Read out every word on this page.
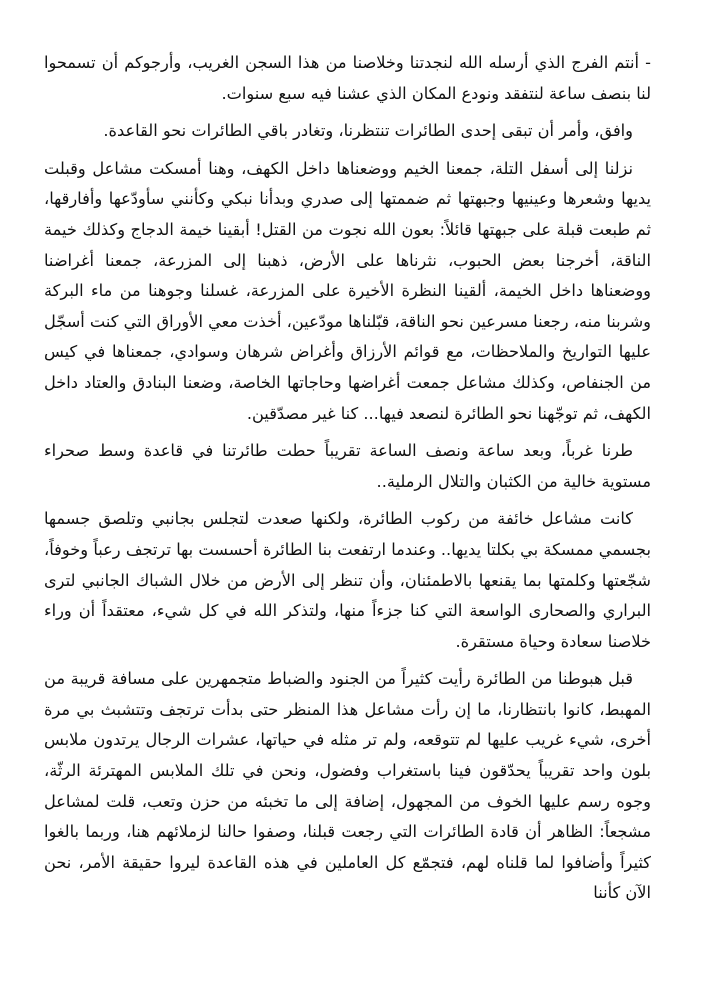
- أنتم الفرج الذي أرسله الله لنجدتنا وخلاصنا من هذا السجن الغريب، وأرجوكم أن تسمحوا لنا بنصف ساعة لنتفقد ونودع المكان الذي عشنا فيه سبع سنوات.

وافق، وأمر أن تبقى إحدى الطائرات تنتظرنا، وتغادر باقي الطائرات نحو القاعدة.

نزلنا إلى أسفل التلة، جمعنا الخيم ووضعناها داخل الكهف، وهنا أمسكت مشاعل وقبلت يديها وشعرها وعينيها وجبهتها ثم ضممتها إلى صدري وبدأنا نبكي وكأنني سأودّعها وأفارقها، ثم طبعت قبلة على جبهتها قائلاً: بعون الله نجوت من القتل! أبقينا خيمة الدجاج وكذلك خيمة الناقة، أخرجنا بعض الحبوب، نثرناها على الأرض، ذهبنا إلى المزرعة، جمعنا أغراضنا ووضعناها داخل الخيمة، ألقينا النظرة الأخيرة على المزرعة، غسلنا وجوهنا من ماء البركة وشربنا منه، رجعنا مسرعين نحو الناقة، قبّلناها مودّعين، أخذت معي الأوراق التي كنت أسجّل عليها التواريخ والملاحظات، مع قوائم الأرزاق وأغراض شرهان وسوادي، جمعناها في كيس من الجنفاص، وكذلك مشاعل جمعت أغراضها وحاجاتها الخاصة، وضعنا البنادق والعتاد داخل الكهف، ثم توجّهنا نحو الطائرة لنصعد فيها... كنا غير مصدّقين.

طرنا غرباً، وبعد ساعة ونصف الساعة تقريباً حطت طائرتنا في قاعدة وسط صحراء مستوية خالية من الكثبان والتلال الرملية..

كانت مشاعل خائفة من ركوب الطائرة، ولكنها صعدت لتجلس بجانبي وتلصق جسمها بجسمي ممسكة بي بكلتا يديها.. وعندما ارتفعت بنا الطائرة أحسست بها ترتجف رعباً وخوفاً، شجّعتها وكلمتها بما يقنعها بالاطمئنان، وأن تنظر إلى الأرض من خلال الشباك الجانبي لترى البراري والصحارى الواسعة التي كنا جزءاً منها، ولتذكر الله في كل شيء، معتقداً أن وراء خلاصنا سعادة وحياة مستقرة.

قبل هبوطنا من الطائرة رأيت كثيراً من الجنود والضباط متجمهرين على مسافة قريبة من المهبط، كانوا بانتظارنا، ما إن رأت مشاعل هذا المنظر حتى بدأت ترتجف وتتشبث بي مرة أخرى، شيء غريب عليها لم تتوقعه، ولم تر مثله في حياتها، عشرات الرجال يرتدون ملابس بلون واحد تقريباً يحدّقون فينا باستغراب وفضول، ونحن في تلك الملابس المهترئة الرثّة، وجوه رسم عليها الخوف من المجهول، إضافة إلى ما تخبئه من حزن وتعب، قلت لمشاعل مشجعاً: الظاهر أن قادة الطائرات التي رجعت قبلنا، وصفوا حالنا لزملائهم هنا، وربما بالغوا كثيراً وأضافوا لما قلناه لهم، فتجمّع كل العاملين في هذه القاعدة ليروا حقيقة الأمر، نحن الآن كأننا
